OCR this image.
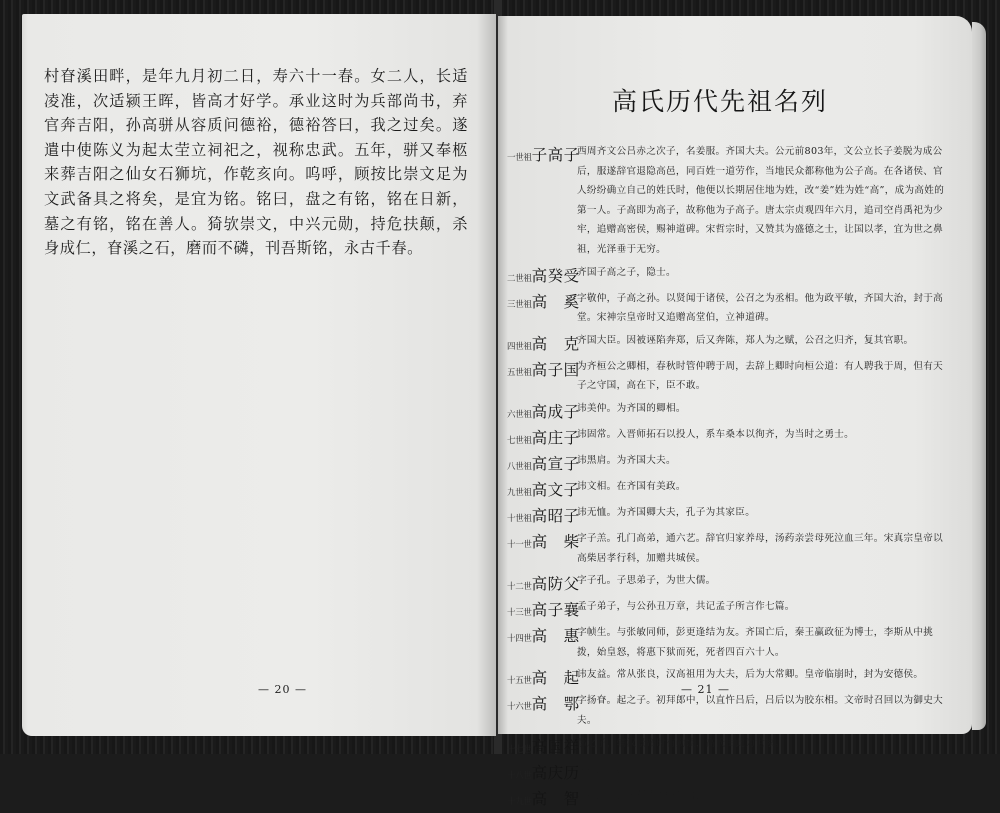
村眘溪田畔，是年九月初二日，寿六十一春。女二人，长适凌准，次适颍王晖，皆高才好学。承业这时为兵部尚书，弃官奔吉阳，孙高骈从容质问德裕，德裕答曰，我之过矣。遂遣中使陈义为起太茔立祠祀之，视称忠武。五年，骈又奉柩来葬吉阳之仙女石狮坑，作乾亥向。呜呼，顾按比崇文足为文武备具之将矣，是宜为铭。铭曰，盘之有铭，铭在日新，墓之有铭，铭在善人。猗欤崇文，中兴元勋，持危扶颠，杀身成仁，眘溪之石，磨而不磷，刊吾斯铭，永古千春。

— 20 —
高氏历代先祖名列
一世祖 子高子
西周齐文公吕赤之次子，名姜服。齐国大夫。公元前803年，文公立长子姜脱为成公后，服遂辞官退隐高邑，同百姓一道劳作，当地民众都称他为公子高。在各诸侯、官人纷纷确立自己的姓氏时，他便以长期居住地为姓，改“姜”姓为姓“高”，成为高姓的第一人。子高即为高子，故称他为子高子。唐太宗贞观四年六月，追司空肖禹祀为少牢，追赠高密侯，赐神道碑。宋哲宗时，又赞其为盛德之士，让国以孝，宜为世之鼻祖，光泽垂于无穷。
二世祖 高癸受
齐国子高之子，隐士。
三世祖 高　奚
字敬仲，子高之孙。以贤闻于诸侯，公召之为丞相。他为政平敏，齐国大治，封于高堂。宋神宗皇帝时又追赠高堂伯，立神道碑。
四世祖 高　克
齐国大臣。因被诬陷奔郑，后又奔陈，郑人为之赋，公召之归齐，复其官职。
五世祖 高子国
为齐桓公之卿相，春秋时管仲聘于周，去辞上卿时向桓公道：有人聘我于周，但有天子之守国，高在下，臣不敢。
六世祖 高成子
讳美仲。为齐国的卿相。
七世祖 高庄子
讳固常。入晋师拓石以投人，系车桑本以徇齐，为当时之勇士。
八世祖 高宣子
讳黑肩。为齐国大夫。
九世祖 高文子
讳文相。在齐国有美政。
十世祖 高昭子
讳无恤。为齐国卿大夫，孔子为其家臣。
十一世 高　柴
字子羔。孔门高弟，通六艺。辞官归家养母，汤药亲尝母死泣血三年。宋真宗皇帝以高柴居孝行科，加赠共城侯。
十二世 高防父
字子孔。子思弟子，为世大儒。
十三世 高子襄
孟子弟子，与公孙丑万章，共记孟子所言作七篇。
十四世 高　惠
字帧生。与张敏同师，彭更逢结为友。齐国亡后，秦王赢政征为博士，李斯从中挑拨，始皇怒，将惠下狱而死，死者四百六十人。
十五世 高　起
讳友益。常从张良，汉高祖用为大夫，后为大常卿。皇帝临崩时，封为安德侯。
十六世 高　鄂
字扬眘。起之子。初拜郎中，以直忤吕后，吕后以为胶东相。文帝时召回以为御史大夫。
十七世 高国祥
鄂之子，辅汉景帝时有勋绩，高氏由此为世家。
十八世 高庆历
国祥之子。
十九世 高　智
庆历之子，为汉朝的祭酒官。
— 21 —
